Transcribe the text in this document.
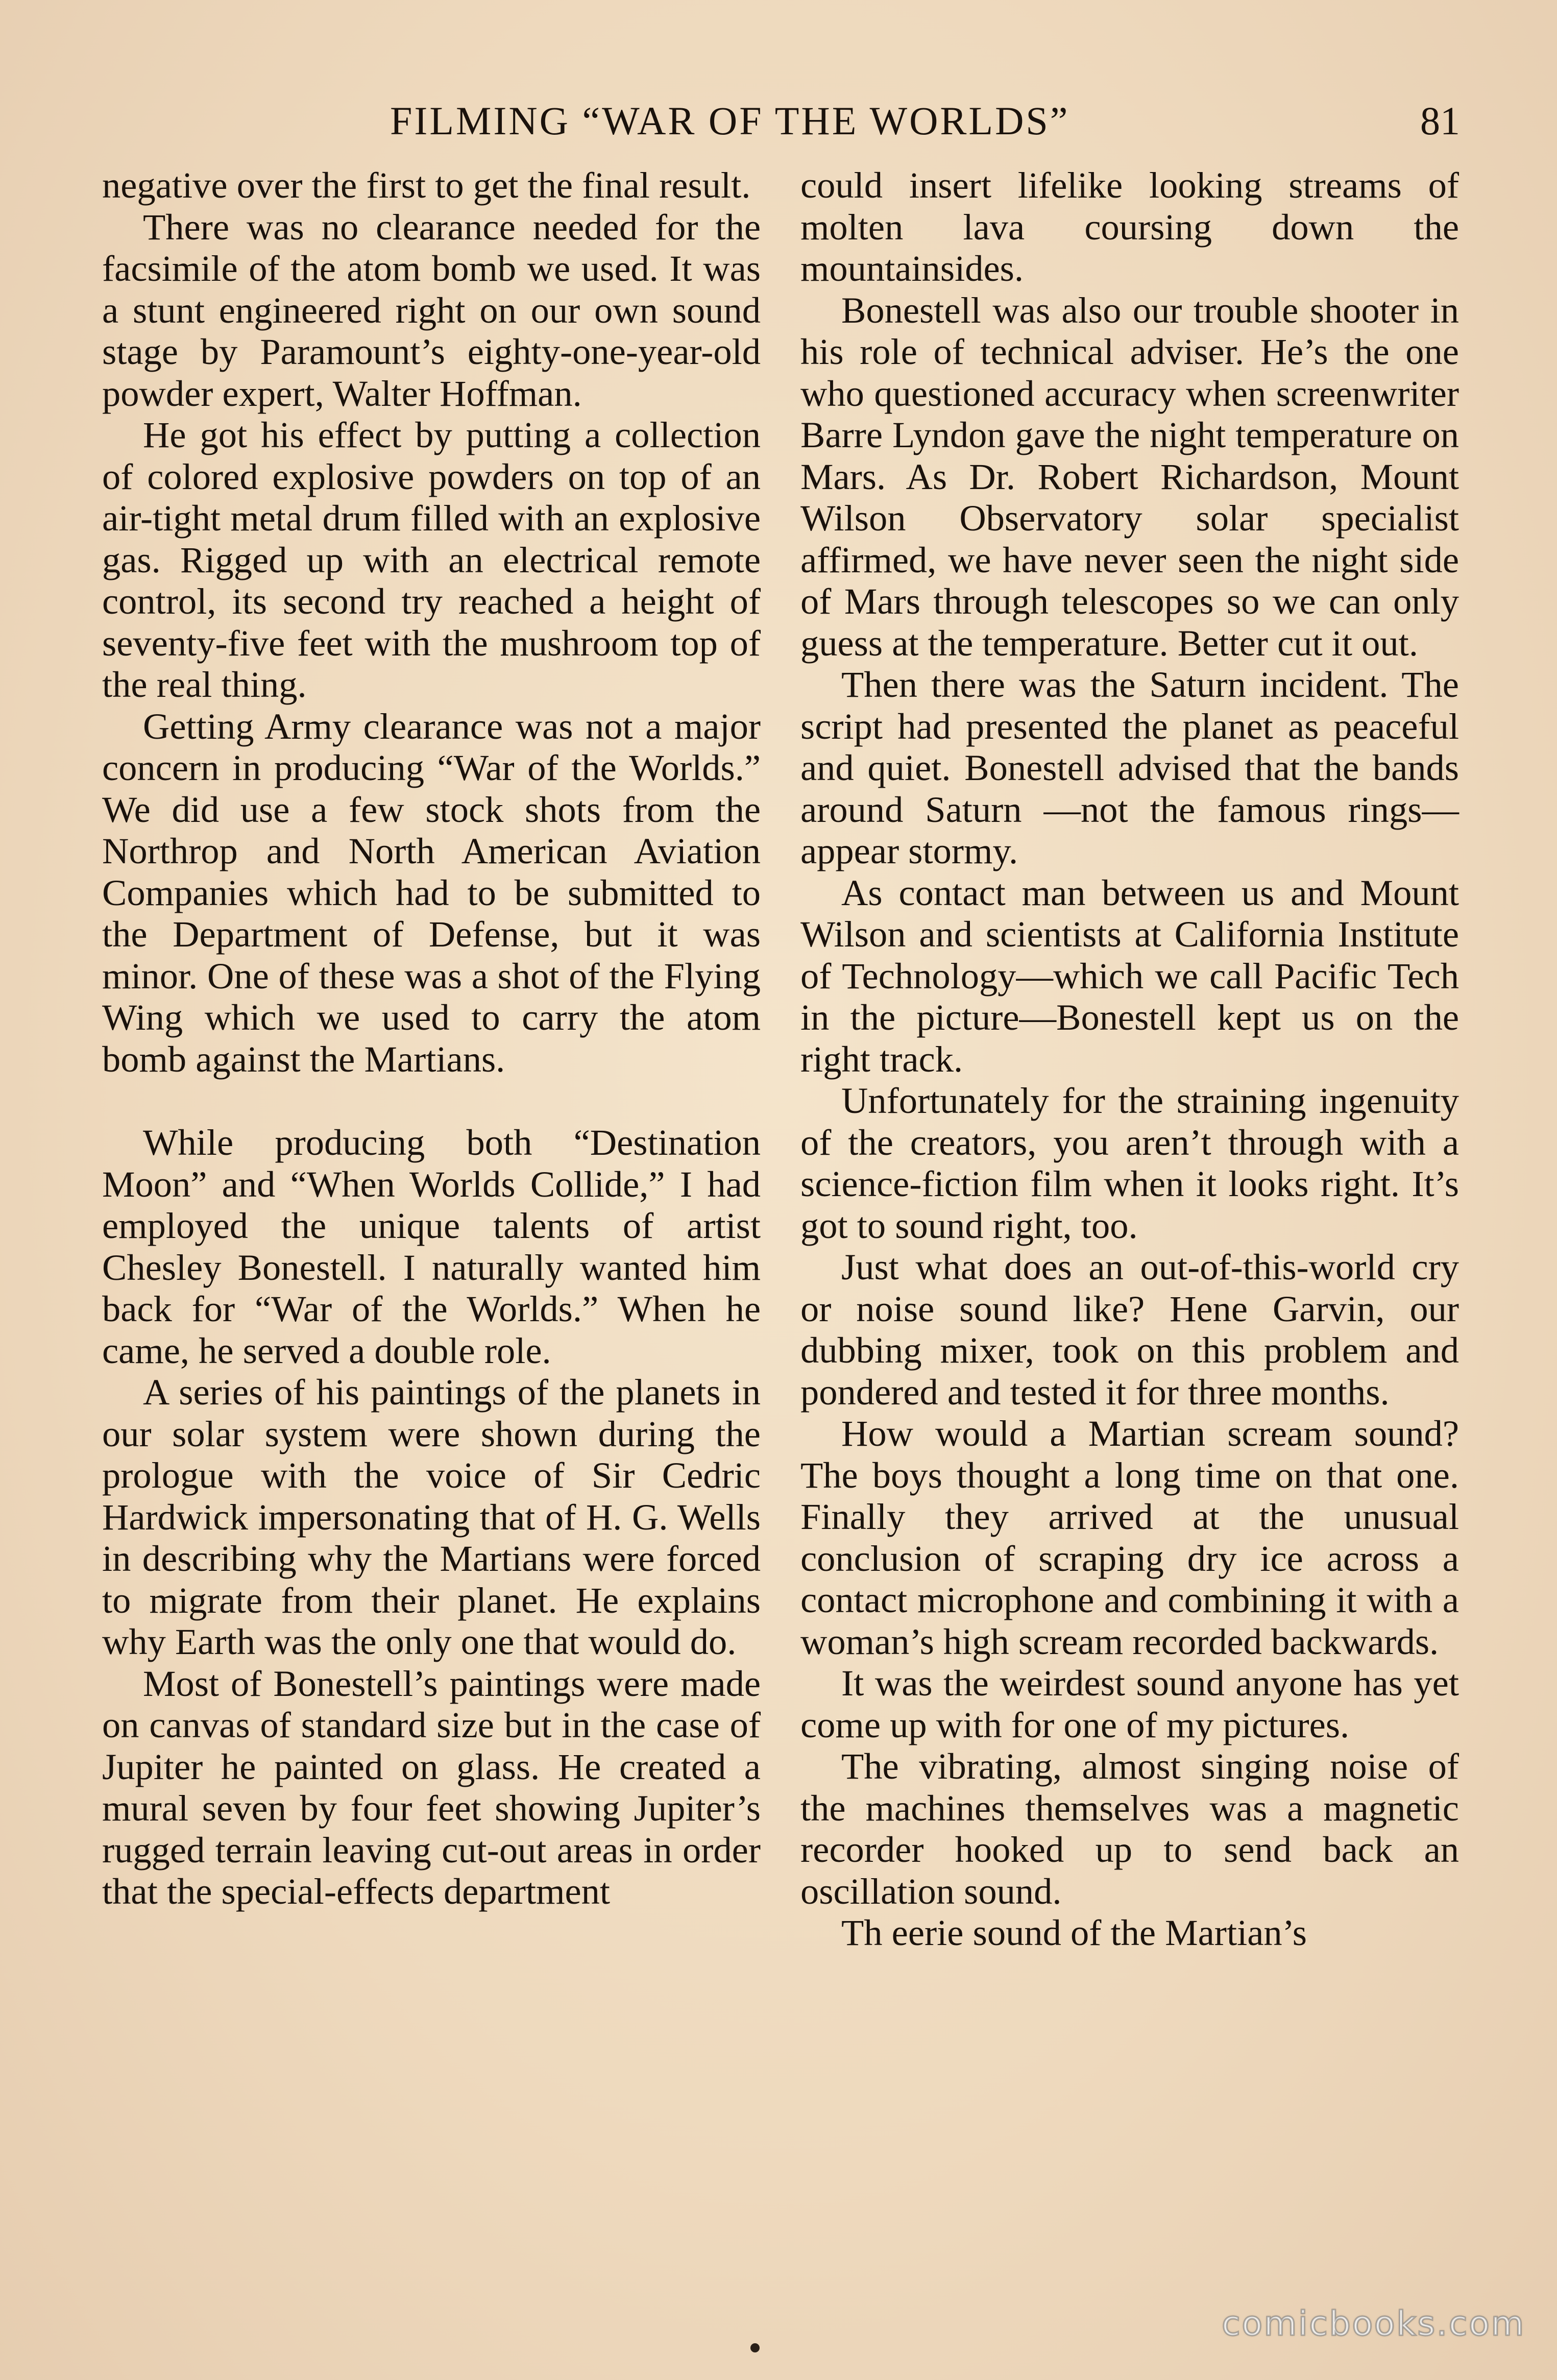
FILMING “WAR OF THE WORLDS”	81

negative over the first to get the final result.

There was no clearance needed for the facsimile of the atom bomb we used. It was a stunt engineered right on our own sound stage by Paramount’s eighty-one-year-old powder expert, Walter Hoffman.

He got his effect by putting a collection of colored explosive powders on top of an air-tight metal drum filled with an explosive gas. Rigged up with an electrical remote control, its second try reached a height of seventy-five feet with the mushroom top of the real thing.

Getting Army clearance was not a major concern in producing “War of the Worlds.” We did use a few stock shots from the Northrop and North American Aviation Companies which had to be submitted to the Department of Defense, but it was minor. One of these was a shot of the Flying Wing which we used to carry the atom bomb against the Martians.

While producing both “Destination Moon” and “When Worlds Collide,” I had employed the unique talents of artist Chesley Bonestell. I naturally wanted him back for “War of the Worlds.” When he came, he served a double role.

A series of his paintings of the planets in our solar system were shown during the prologue with the voice of Sir Cedric Hardwick impersonating that of H. G. Wells in describing why the Martians were forced to migrate from their planet. He explains why Earth was the only one that would do.

Most of Bonestell’s paintings were made on canvas of standard size but in the case of Jupiter he painted on glass. He created a mural seven by four feet showing Jupiter’s rugged terrain leaving cut-out areas in order that the special-effects department

could insert lifelike looking streams of molten lava coursing down the mountainsides.

Bonestell was also our trouble shooter in his role of technical adviser. He’s the one who questioned accuracy when screenwriter Barre Lyndon gave the night temperature on Mars. As Dr. Robert Richardson, Mount Wilson Observatory solar specialist affirmed, we have never seen the night side of Mars through telescopes so we can only guess at the temperature. Better cut it out.

Then there was the Saturn incident. The script had presented the planet as peaceful and quiet. Bonestell advised that the bands around Saturn —not the famous rings—appear stormy.

As contact man between us and Mount Wilson and scientists at California Institute of Technology—which we call Pacific Tech in the picture—Bonestell kept us on the right track.

Unfortunately for the straining ingenuity of the creators, you aren’t through with a science-fiction film when it looks right. It’s got to sound right, too.

Just what does an out-of-this-world cry or noise sound like? Hene Garvin, our dubbing mixer, took on this problem and pondered and tested it for three months.

How would a Martian scream sound? The boys thought a long time on that one. Finally they arrived at the unusual conclusion of scraping dry ice across a contact microphone and combining it with a woman’s high scream recorded backwards.

It was the weirdest sound anyone has yet come up with for one of my pictures.

The vibrating, almost singing noise of the machines themselves was a magnetic recorder hooked up to send back an oscillation sound.

Th eerie sound of the Martian’s

comicbooks.com
